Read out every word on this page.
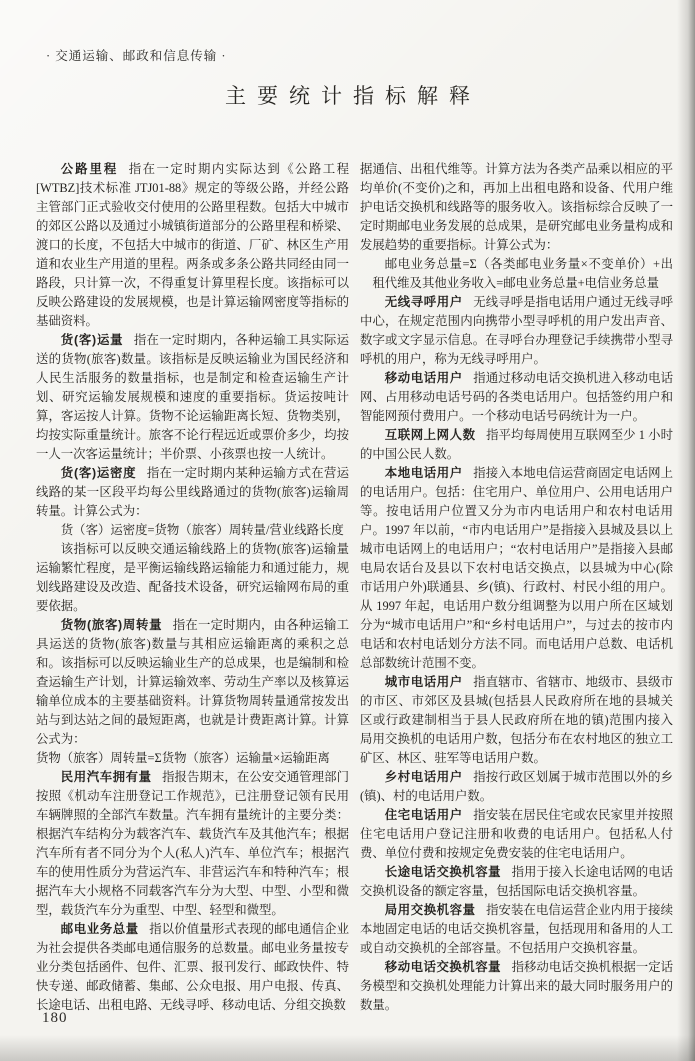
· 交通运输、邮政和信息传输 ·
主要统计指标解释

公路里程 指在一定时期内实际达到《公路工程[WTBZ]技术标准 JTJ01-88》规定的等级公路，并经公路主管部门正式验收交付使用的公路里程数。包括大中城市的郊区公路以及通过小城镇街道部分的公路里程和桥梁、渡口的长度，不包括大中城市的街道、厂矿、林区生产用道和农业生产用道的里程。两条或多条公路共同经由同一路段，只计算一次，不得重复计算里程长度。该指标可以反映公路建设的发展规模，也是计算运输网密度等指标的基础资料。

货(客)运量 指在一定时期内，各种运输工具实际运送的货物(旅客)数量。该指标是反映运输业为国民经济和人民生活服务的数量指标，也是制定和检查运输生产计划、研究运输发展规模和速度的重要指标。货运按吨计算，客运按人计算。货物不论运输距离长短、货物类别，均按实际重量统计。旅客不论行程远近或票价多少，均按一人一次客运量统计；半价票、小孩票也按一人统计。

货(客)运密度 指在一定时期内某种运输方式在营运线路的某一区段平均每公里线路通过的货物(旅客)运输周转量。计算公式为：

货（客）运密度=货物（旅客）周转量/营业线路长度

该指标可以反映交通运输线路上的货物(旅客)运输量运输繁忙程度，是平衡运输线路运输能力和通过能力，规划线路建设及改造、配备技术设备，研究运输网布局的重要依据。

货物(旅客)周转量 指在一定时期内，由各种运输工具运送的货物(旅客)数量与其相应运输距离的乘积之总和。该指标可以反映运输业生产的总成果，也是编制和检查运输生产计划，计算运输效率、劳动生产率以及核算运输单位成本的主要基础资料。计算货物周转量通常按发出站与到达站之间的最短距离，也就是计费距离计算。计算公式为：

货物（旅客）周转量=Σ货物（旅客）运输量×运输距离

民用汽车拥有量 指报告期末，在公安交通管理部门按照《机动车注册登记工作规范》，已注册登记领有民用车辆牌照的全部汽车数量。汽车拥有量统计的主要分类：根据汽车结构分为载客汽车、载货汽车及其他汽车；根据汽车所有者不同分为个人(私人)汽车、单位汽车；根据汽车的使用性质分为营运汽车、非营运汽车和特种汽车；根据汽车大小规格不同载客汽车分为大型、中型、小型和微型，载货汽车分为重型、中型、轻型和微型。

邮电业务总量 指以价值量形式表现的邮电通信企业为社会提供各类邮电通信服务的总数量。邮电业务量按专业分类包括函件、包件、汇票、报刊发行、邮政快件、特快专递、邮政储蓄、集邮、公众电报、用户电报、传真、长途电话、出租电路、无线寻呼、移动电话、分组交换数

据通信、出租代维等。计算方法为各类产品乘以相应的平均单价(不变价)之和，再加上出租电路和设备、代用户维护电话交换机和线路等的服务收入。该指标综合反映了一定时期邮电业务发展的总成果，是研究邮电业务量构成和发展趋势的重要指标。计算公式为：

邮电业务总量=Σ（各类邮电业务量×不变单价）+出租代维及其他业务收入=邮电业务总量+电信业务总量

无线寻呼用户 无线寻呼是指电话用户通过无线寻呼中心，在规定范围内向携带小型寻呼机的用户发出声音、数字或文字显示信息。在寻呼台办理登记手续携带小型寻呼机的用户，称为无线寻呼用户。

移动电话用户 指通过移动电话交换机进入移动电话网、占用移动电话号码的各类电话用户。包括签约用户和智能网预付费用户。一个移动电话号码统计为一户。

互联网上网人数 指平均每周使用互联网至少 1 小时的中国公民人数。

本地电话用户 指接入本地电信运营商固定电话网上的电话用户。包括：住宅用户、单位用户、公用电话用户等。按电话用户位置又分为市内电话用户和农村电话用户。1997 年以前，“市内电话用户”是指接入县城及县以上城市电话网上的电话用户；“农村电话用户”是指接入县邮电局农话台及县以下农村电话交换点，以县城为中心(除市话用户外)联通县、乡(镇)、行政村、村民小组的用户。从 1997 年起，电话用户数分组调整为以用户所在区域划分为“城市电话用户”和“乡村电话用户”，与过去的按市内电话和农村电话划分方法不同。而电话用户总数、电话机总部数统计范围不变。

城市电话用户 指直辖市、省辖市、地级市、县级市的市区、市郊区及县城(包括县人民政府所在地的县城关区或行政建制相当于县人民政府所在地的镇)范围内接入局用交换机的电话用户数，包括分布在农村地区的独立工矿区、林区、驻军等电话用户数。

乡村电话用户 指按行政区划属于城市范围以外的乡(镇)、村的电话用户数。

住宅电话用户 指安装在居民住宅或农民家里并按照住宅电话用户登记注册和收费的电话用户。包括私人付费、单位付费和按规定免费安装的住宅电话用户。

长途电话交换机容量 指用于接入长途电话网的电话交换机设备的额定容量，包括国际电话交换机容量。

局用交换机容量 指安装在电信运营企业内用于接续本地固定电话的电话交换机容量，包括现用和备用的人工或自动交换机的全部容量。不包括用户交换机容量。

移动电话交换机容量 指移动电话交换机根据一定话务模型和交换机处理能力计算出来的最大同时服务用户的数量。

180
